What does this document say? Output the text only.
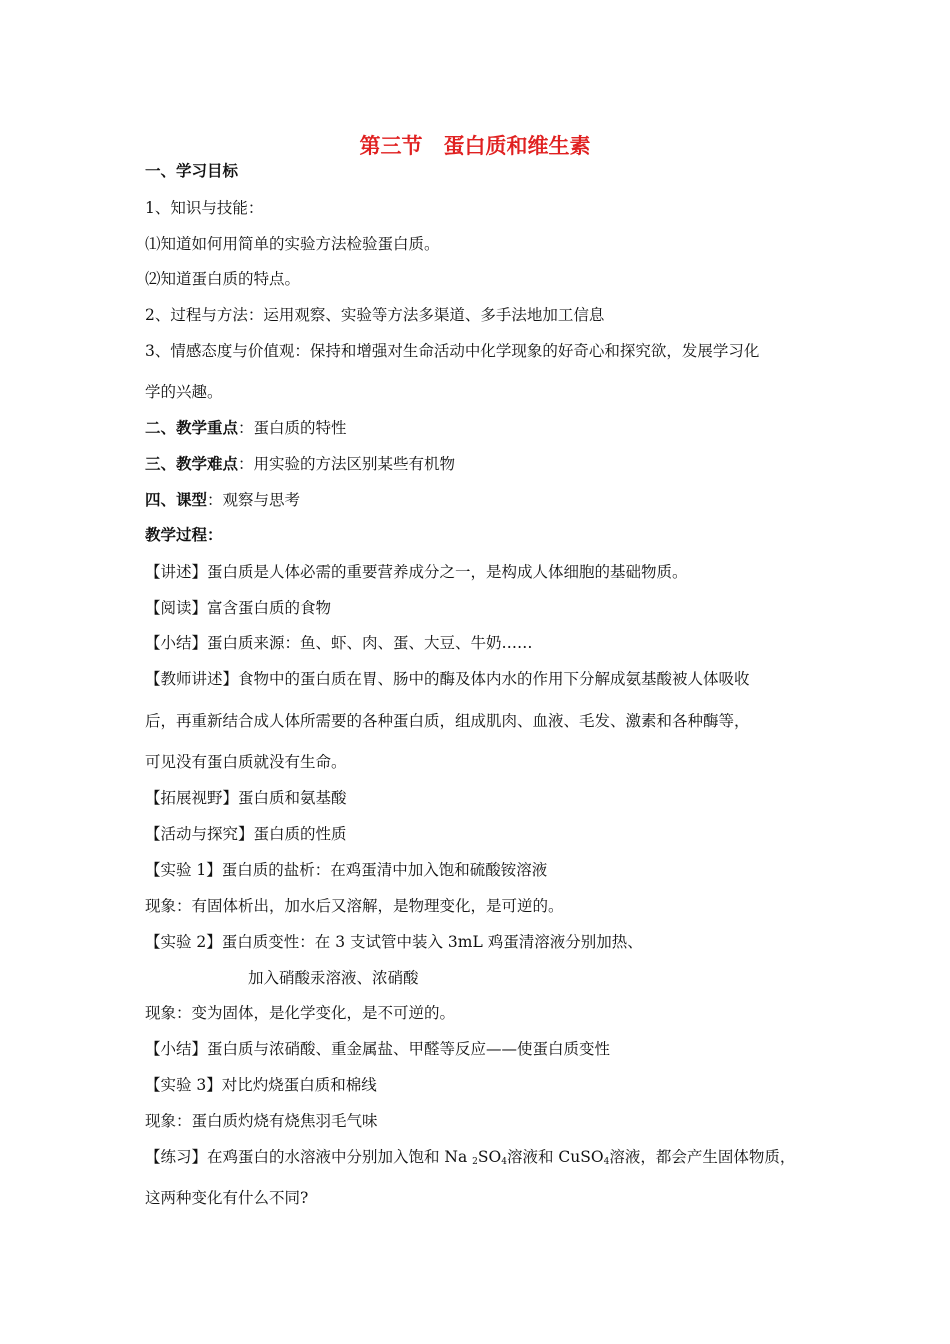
第三节　蛋白质和维生素
一、学习目标
1、知识与技能：
⑴知道如何用简单的实验方法检验蛋白质。
⑵知道蛋白质的特点。
2、过程与方法：运用观察、实验等方法多渠道、多手法地加工信息
3、情感态度与价值观：保持和增强对生命活动中化学现象的好奇心和探究欲，发展学习化
学的兴趣。
二、教学重点：蛋白质的特性
三、教学难点：用实验的方法区别某些有机物
四、课型：观察与思考
教学过程：
【讲述】蛋白质是人体必需的重要营养成分之一，是构成人体细胞的基础物质。
【阅读】富含蛋白质的食物
【小结】蛋白质来源：鱼、虾、肉、蛋、大豆、牛奶……
【教师讲述】食物中的蛋白质在胃、肠中的酶及体内水的作用下分解成氨基酸被人体吸收
后，再重新结合成人体所需要的各种蛋白质，组成肌肉、血液、毛发、激素和各种酶等，
可见没有蛋白质就没有生命。
【拓展视野】蛋白质和氨基酸
【活动与探究】蛋白质的性质
【实验 1】蛋白质的盐析：在鸡蛋清中加入饱和硫酸铵溶液
现象：有固体析出，加水后又溶解，是物理变化，是可逆的。
【实验 2】蛋白质变性：在 3 支试管中装入 3mL 鸡蛋清溶液分别加热、
加入硝酸汞溶液、浓硝酸
现象：变为固体，是化学变化，是不可逆的。
【小结】蛋白质与浓硝酸、重金属盐、甲醛等反应——使蛋白质变性
【实验 3】对比灼烧蛋白质和棉线
现象：蛋白质灼烧有烧焦羽毛气味
【练习】在鸡蛋白的水溶液中分别加入饱和 Na $_2SO_4$溶液和 CuSO$_4$溶液，都会产生固体物质，
这两种变化有什么不同?
